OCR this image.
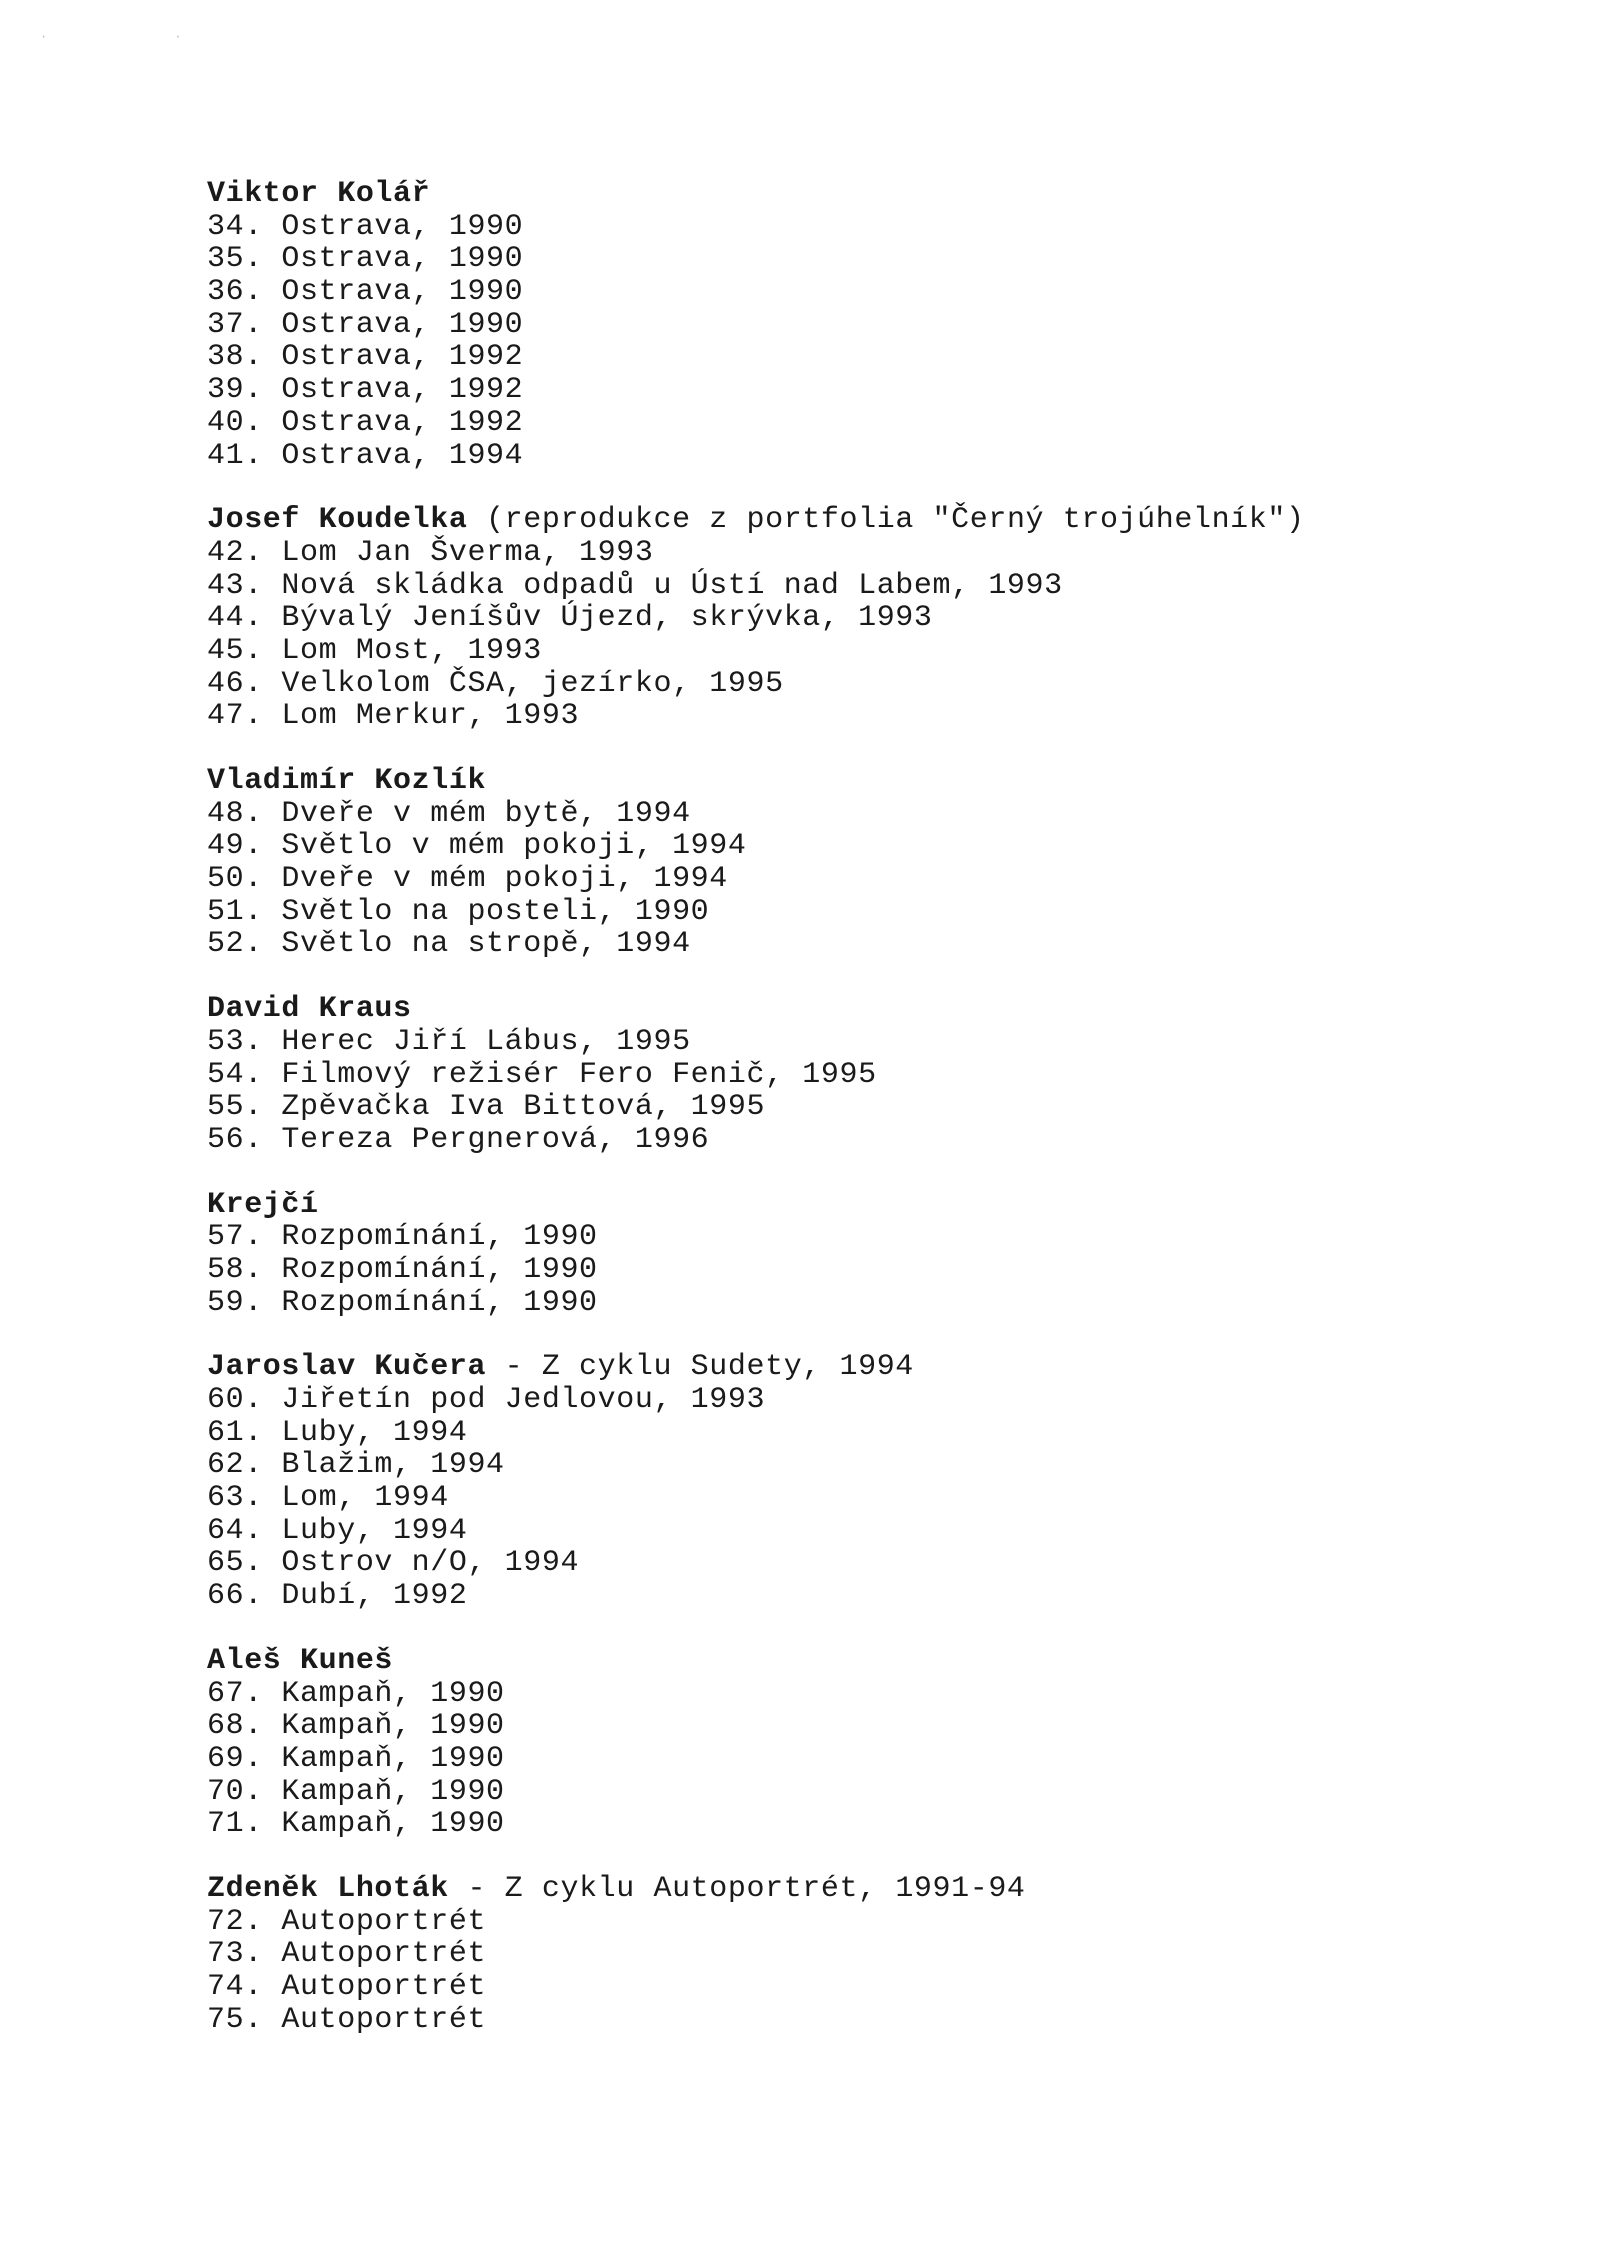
· ·
Viktor Kolář
34. Ostrava, 1990
35. Ostrava, 1990
36. Ostrava, 1990
37. Ostrava, 1990
38. Ostrava, 1992
39. Ostrava, 1992
40. Ostrava, 1992
41. Ostrava, 1994
Josef Koudelka (reprodukce z portfolia "Černý trojúhelník")
42. Lom Jan Šverma, 1993
43. Nová skládka odpadů u Ústí nad Labem, 1993
44. Bývalý Jeníšův Újezd, skrývka, 1993
45. Lom Most, 1993
46. Velkolom ČSA, jezírko, 1995
47. Lom Merkur, 1993
Vladimír Kozlík
48. Dveře v mém bytě, 1994
49. Světlo v mém pokoji, 1994
50. Dveře v mém pokoji, 1994
51. Světlo na posteli, 1990
52. Světlo na stropě, 1994
David Kraus
53. Herec Jiří Lábus, 1995
54. Filmový režisér Fero Fenič, 1995
55. Zpěvačka Iva Bittová, 1995
56. Tereza Pergnerová, 1996
Krejčí
57. Rozpomínání, 1990
58. Rozpomínání, 1990
59. Rozpomínání, 1990
Jaroslav Kučera - Z cyklu Sudety, 1994
60. Jiřetín pod Jedlovou, 1993
61. Luby, 1994
62. Blažim, 1994
63. Lom, 1994
64. Luby, 1994
65. Ostrov n/O, 1994
66. Dubí, 1992
Aleš Kuneš
67. Kampaň, 1990
68. Kampaň, 1990
69. Kampaň, 1990
70. Kampaň, 1990
71. Kampaň, 1990
Zdeněk Lhoták - Z cyklu Autoportrét, 1991-94
72. Autoportrét
73. Autoportrét
74. Autoportrét
75. Autoportrét
